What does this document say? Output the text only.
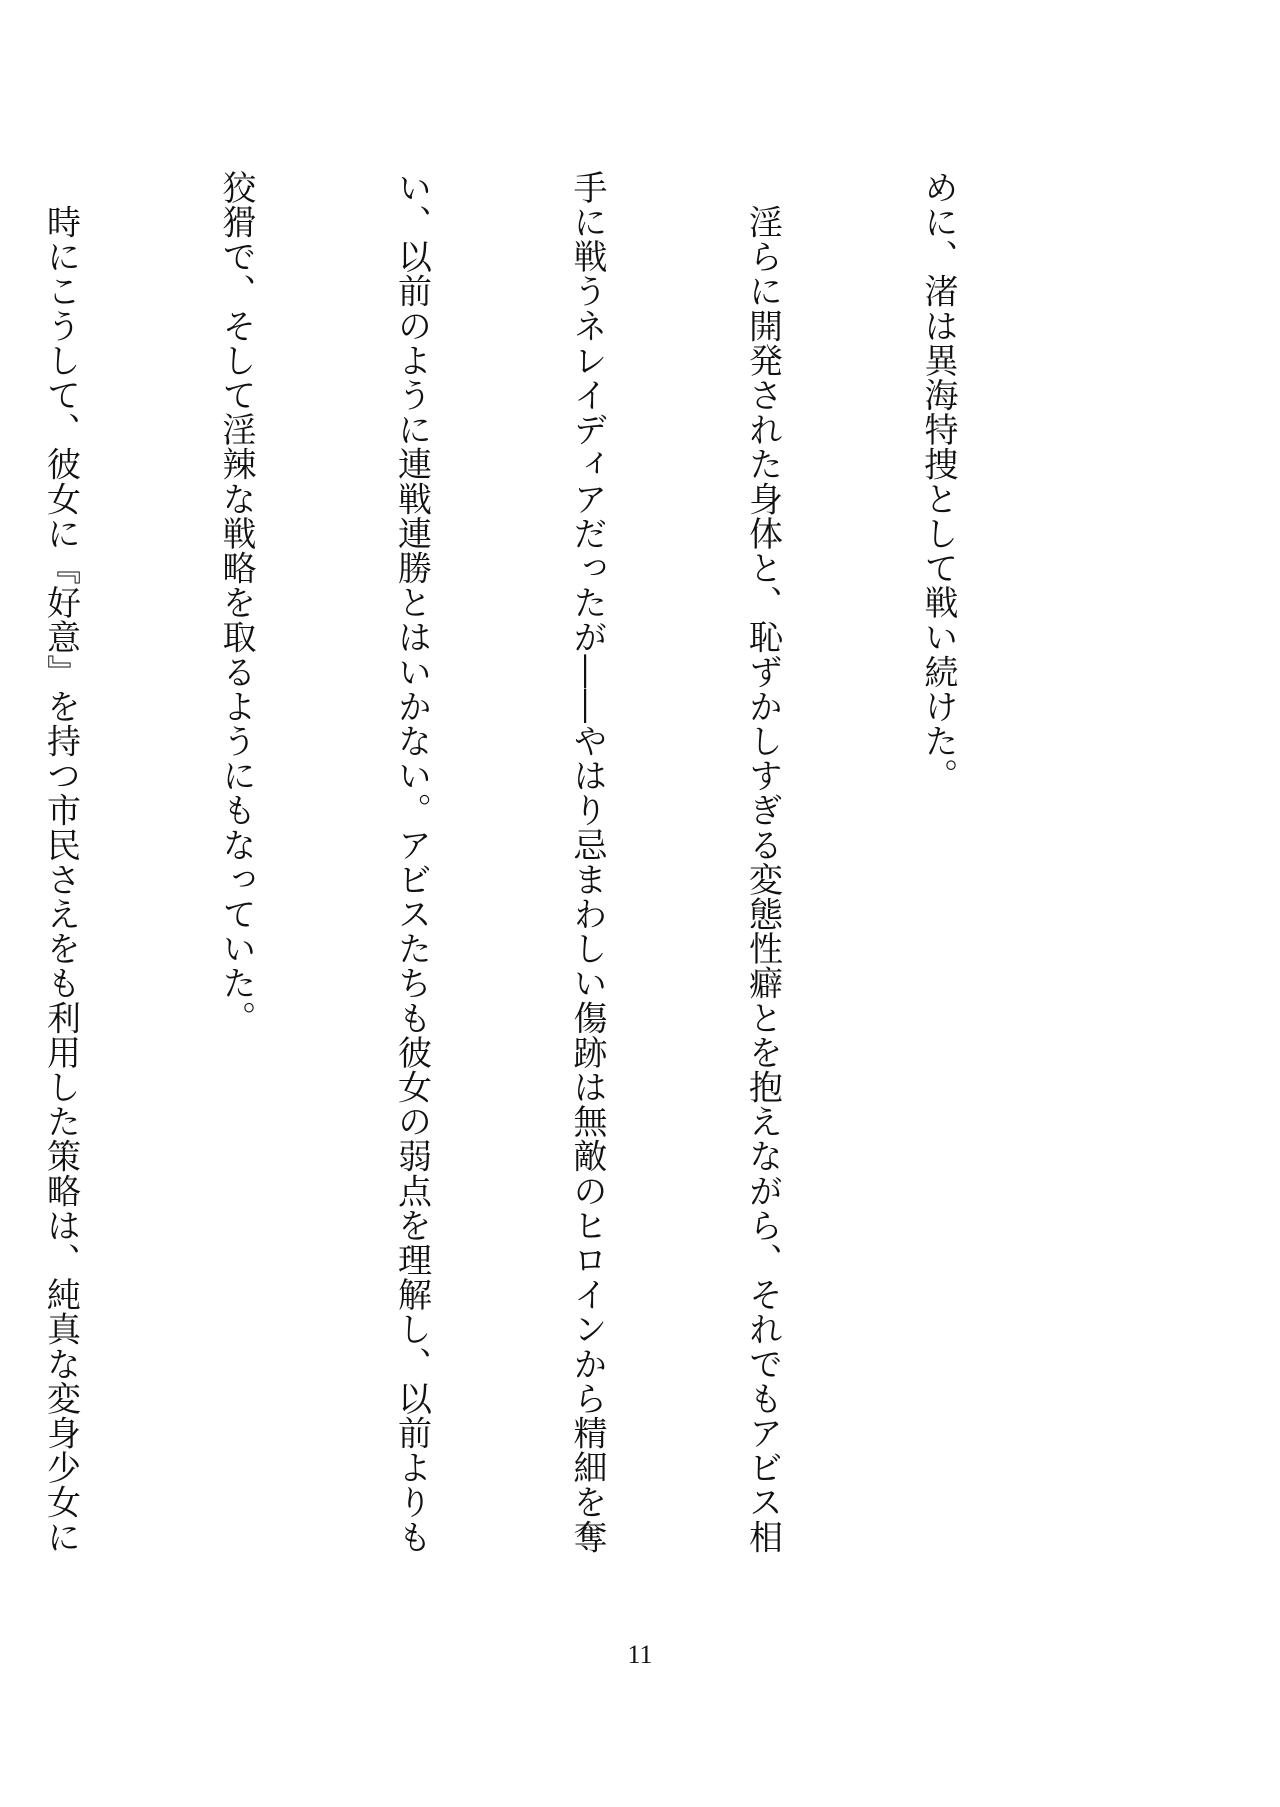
めに、渚は異海特捜として戦い続けた。

　淫らに開発された身体と、恥ずかしすぎる変態性癖とを抱えながら、それでもアビス相

手に戦うネレイディアだったが――やはり忌まわしい傷跡は無敵のヒロインから精細を奪

い、以前のように連戦連勝とはいかない。アビスたちも彼女の弱点を理解し、以前よりも

狡猾で、そして淫辣な戦略を取るようにもなっていた。

　時にこうして、彼女に『好意』を持つ市民さえをも利用した策略は、純真な変身少女に

11
